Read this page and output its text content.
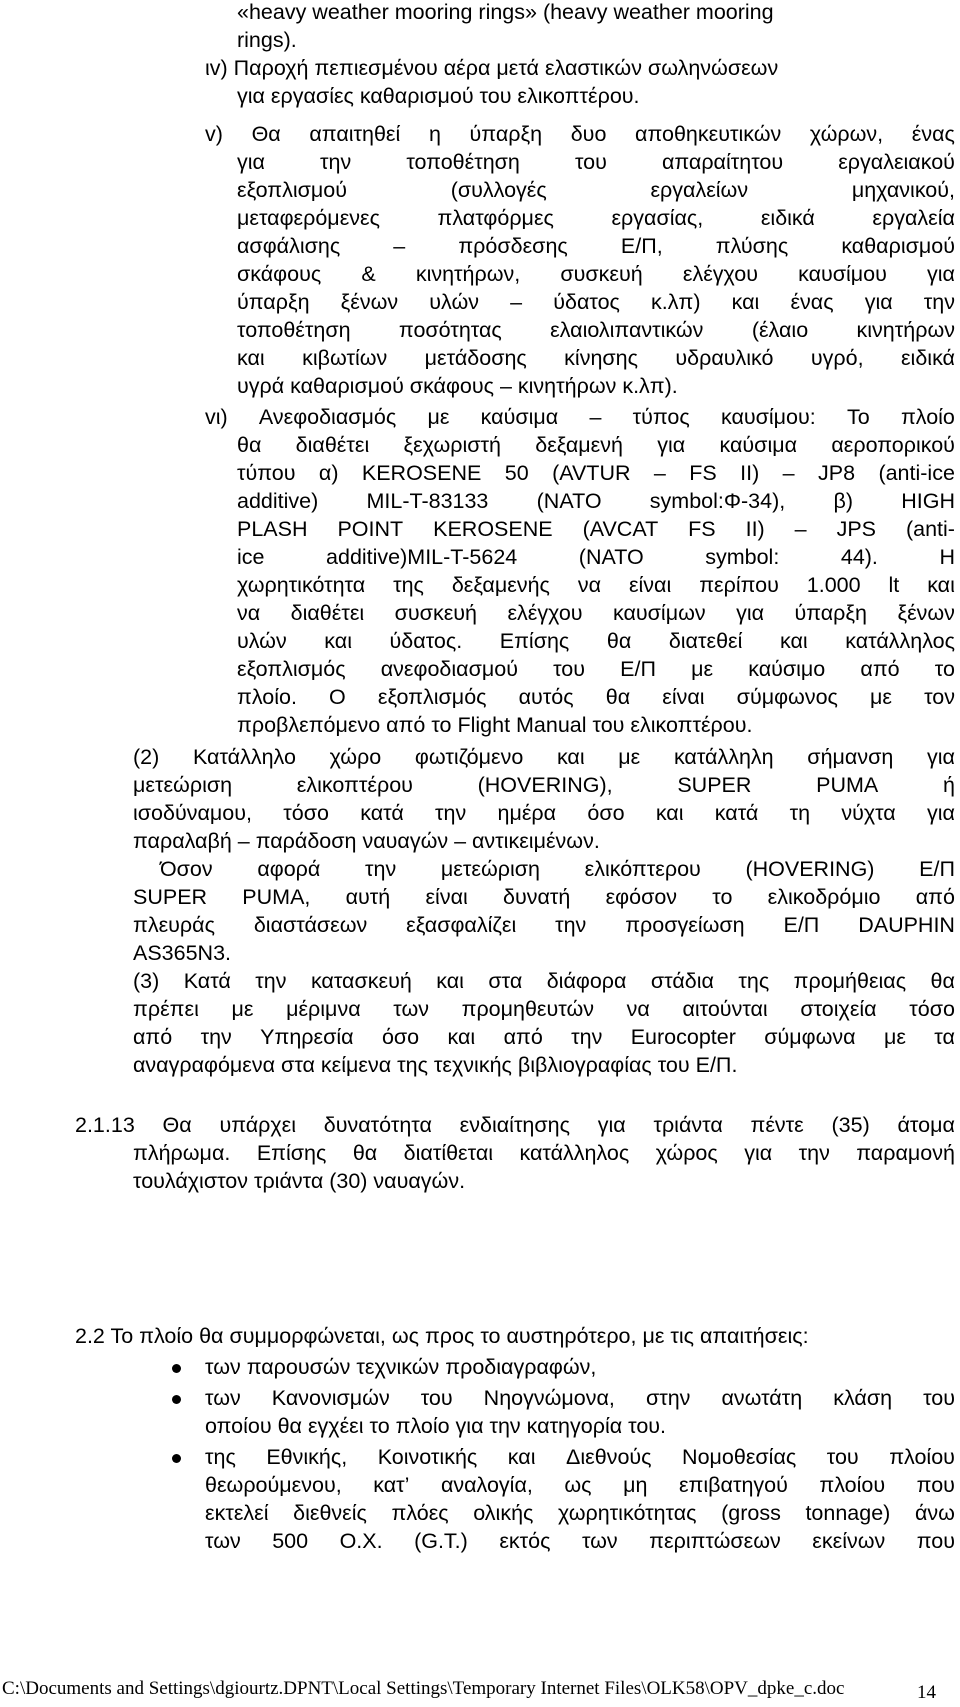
«heavy weather mooring rings» (heavy weather mooring
rings).
ιv) Παροχή πεπιεσμένου αέρα μετά ελαστικών σωληνώσεων
για εργασίες καθαρισμού του ελικοπτέρου.
v) Θα απαιτηθεί η ύπαρξη δυο αποθηκευτικών χώρων, ένας
για	την	τοποθέτηση	του	απαραίτητου	εργαλειακού
εξοπλισμού	(συλλογές	εργαλείων	μηχανικού,
μεταφερόμενες	πλατφόρμες	εργασίας,	ειδικά	εργαλεία
ασφάλισης – πρόσδεσης Ε/Π, πλύσης καθαρισμού
σκάφους & κινητήρων, συσκευή ελέγχου καυσίμου για
ύπαρξη ξένων υλών – ύδατος κ.λπ) και ένας για την
τοποθέτηση ποσότητας ελαιολιπαντικών (έλαιο κινητήρων
και κιβωτίων μετάδοσης κίνησης υδραυλικό υγρό, ειδικά
υγρά καθαρισμού σκάφους – κινητήρων κ.λπ).
vι) Ανεφοδιασμός με καύσιμα – τύπος καυσίμου: Το πλοίο
θα διαθέτει ξεχωριστή δεξαμενή για καύσιμα αεροπορικού
τύπου α) KEROSENE 50 (AVTUR – FS II) – JP8 (anti-ice
additive) MIL-T-83133 (NATO symbol:Φ-34), β) HIGH
PLASH POINT KEROSENE (AVCAT FS II) – JPS (anti-
ice	additive)MIL-T-5624	(NATO	symbol:	44).	Η
χωρητικότητα της δεξαμενής να είναι περίπου 1.000 lt και
να διαθέτει συσκευή ελέγχου καυσίμων για ύπαρξη ξένων
υλών και ύδατος. Επίσης θα διατεθεί και κατάλληλος
εξοπλισμός ανεφοδιασμού του Ε/Π με καύσιμο από το
πλοίο. Ο εξοπλισμός αυτός θα είναι σύμφωνος με τον
προβλεπόμενο από το Flight Manual του ελικοπτέρου.
(2) Κατάλληλο χώρο φωτιζόμενο και με κατάλληλη σήμανση για
μετεώριση	ελικοπτέρου	(HOVERING),	SUPER	PUMA	ή
ισοδύναμου, τόσο κατά την ημέρα όσο και κατά τη νύχτα για
παραλαβή – παράδοση ναυαγών – αντικειμένων.
Όσον αφορά την μετεώριση ελικόπτερου (HOVERING) Ε/Π
SUPER PUMA, αυτή είναι δυνατή εφόσον το ελικοδρόμιο από
πλευράς διαστάσεων εξασφαλίζει την προσγείωση Ε/Π DAUPHIN
AS365N3.
(3) Κατά την κατασκευή και στα διάφορα στάδια της προμήθειας θα
πρέπει με μέριμνα των προμηθευτών να αιτούνται στοιχεία τόσο
από την Υπηρεσία όσο και από την Eurocopter σύμφωνα με τα
αναγραφόμενα στα κείμενα της τεχνικής βιβλιογραφίας του Ε/Π.
2.1.13 Θα υπάρχει δυνατότητα ενδιαίτησης για τριάντα πέντε (35) άτομα
πλήρωμα. Επίσης θα διατίθεται κατάλληλος χώρος για την παραμονή
τουλάχιστον τριάντα (30) ναυαγών.
2.2 Το πλοίο θα συμμορφώνεται, ως προς το αυστηρότερο, με τις απαιτήσεις:
των παρουσών τεχνικών προδιαγραφών,
των Κανονισμών του Νηογνώμονα, στην ανωτάτη κλάση του
οποίου θα εγχέει το πλοίο για την κατηγορία του.
της Εθνικής, Κοινοτικής και Διεθνούς Νομοθεσίας του πλοίου
θεωρούμενου, κατ’ αναλογία, ως μη επιβατηγού πλοίου που
εκτελεί διεθνείς πλόες ολικής χωρητικότητας (gross tonnage) άνω
των 500 Ο.Χ. (G.T.) εκτός των περιπτώσεων εκείνων που
C:\Documents and Settings\dgiourtz.DPNT\Local Settings\Temporary Internet Files\OLK58\OPV_dpke_c.doc	14
